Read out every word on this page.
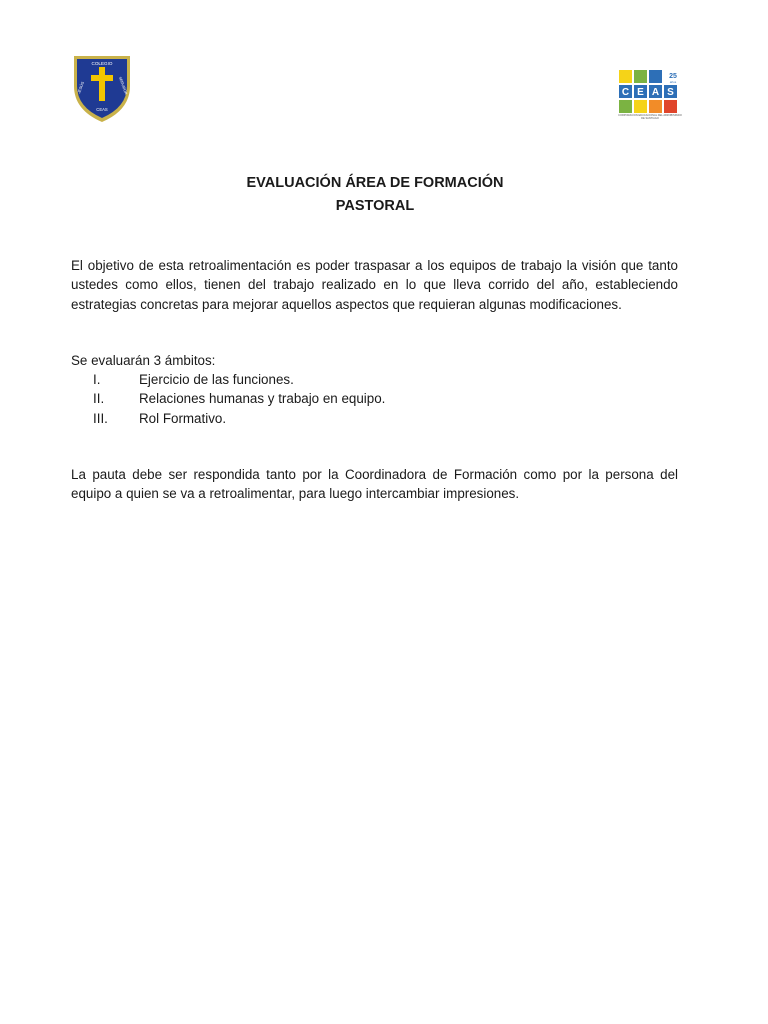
COLEGIO
JESÚS	SERVIDOR
CEAS
25
años
C E A S
CORPORACIÓN EDUCACIONAL DEL ARZOBISPADO DE SANTIAGO
EVALUACIÓN ÁREA DE FORMACIÓN
PASTORAL
El objetivo de esta retroalimentación es poder traspasar a los equipos de trabajo la visión que tanto ustedes como ellos, tienen del trabajo realizado en lo que lleva corrido del año, estableciendo estrategias concretas para mejorar aquellos aspectos que requieran algunas modificaciones.
Se evaluarán 3 ámbitos:
I.	Ejercicio de las funciones.
II.	Relaciones humanas y trabajo en equipo.
III.	Rol Formativo.
La pauta debe ser respondida tanto por la Coordinadora de Formación como por la persona del equipo a quien se va a retroalimentar, para luego intercambiar impresiones.
